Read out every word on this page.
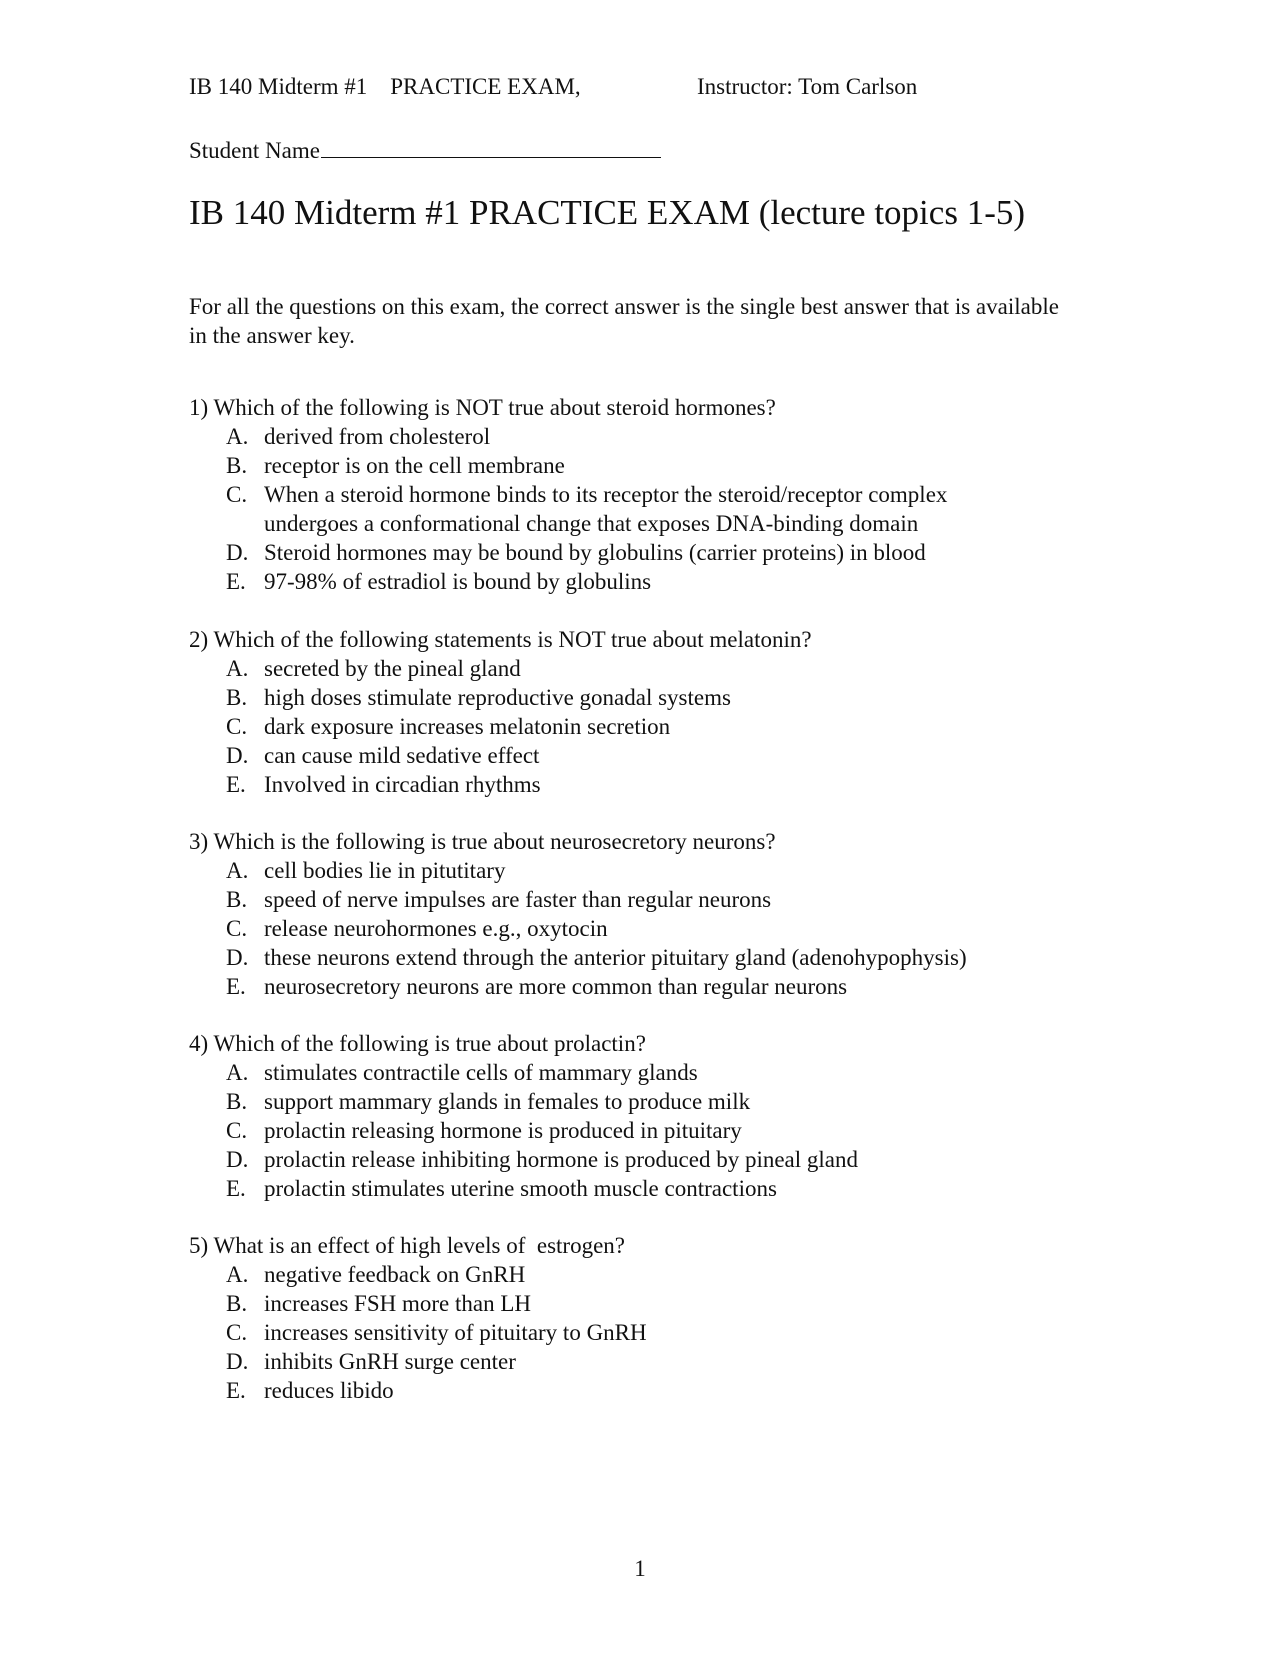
IB 140 Midterm #1    PRACTICE EXAM,	Instructor: Tom Carlson
Student Name
IB 140 Midterm #1 PRACTICE EXAM (lecture topics 1-5)
For all the questions on this exam, the correct answer is the single best answer that is available in the answer key.
1) Which of the following is NOT true about steroid hormones?
A. derived from cholesterol
B. receptor is on the cell membrane
C. When a steroid hormone binds to its receptor the steroid/receptor complex undergoes a conformational change that exposes DNA-binding domain
D. Steroid hormones may be bound by globulins (carrier proteins) in blood
E. 97-98% of estradiol is bound by globulins
2) Which of the following statements is NOT true about melatonin?
A. secreted by the pineal gland
B. high doses stimulate reproductive gonadal systems
C. dark exposure increases melatonin secretion
D. can cause mild sedative effect
E. Involved in circadian rhythms
3) Which is the following is true about neurosecretory neurons?
A. cell bodies lie in pitutitary
B. speed of nerve impulses are faster than regular neurons
C. release neurohormones e.g., oxytocin
D. these neurons extend through the anterior pituitary gland (adenohypophysis)
E. neurosecretory neurons are more common than regular neurons
4) Which of the following is true about prolactin?
A. stimulates contractile cells of mammary glands
B. support mammary glands in females to produce milk
C. prolactin releasing hormone is produced in pituitary
D. prolactin release inhibiting hormone is produced by pineal gland
E. prolactin stimulates uterine smooth muscle contractions
5) What is an effect of high levels of  estrogen?
A. negative feedback on GnRH
B. increases FSH more than LH
C. increases sensitivity of pituitary to GnRH
D. inhibits GnRH surge center
E. reduces libido
1
